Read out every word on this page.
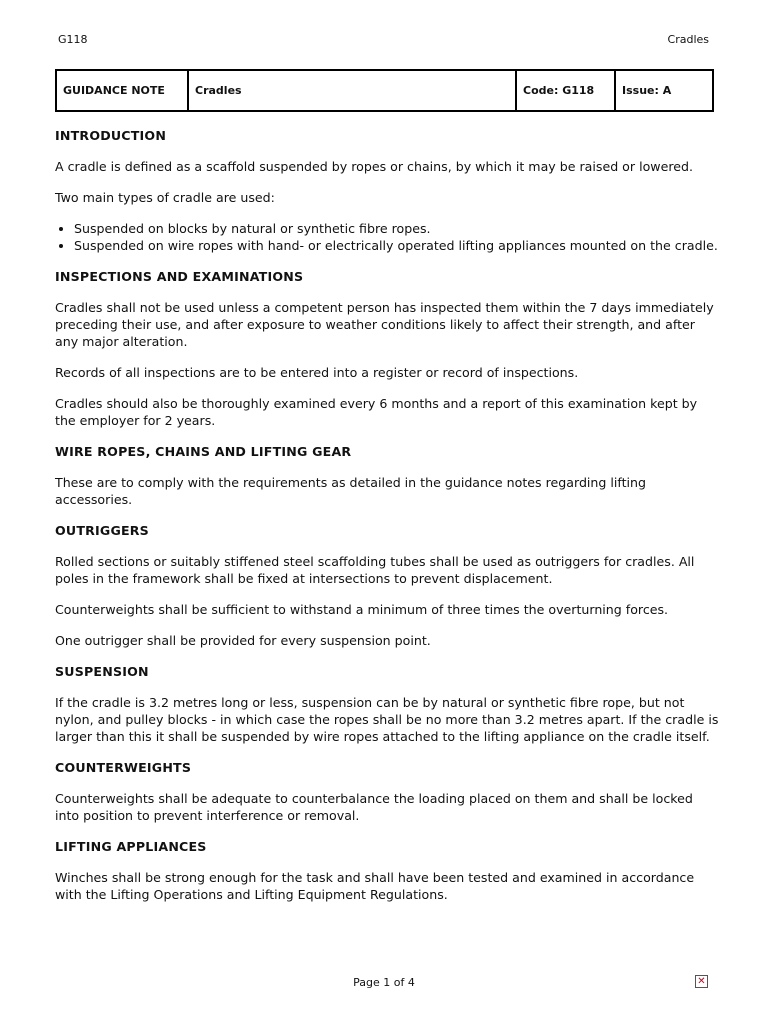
G118	Cradles
GUIDANCE NOTE	Cradles	Code: G118	Issue: A
INTRODUCTION

A cradle is defined as a scaffold suspended by ropes or chains, by which it may be raised or lowered.

Two main types of cradle are used:

• Suspended on blocks by natural or synthetic fibre ropes.
• Suspended on wire ropes with hand- or electrically operated lifting appliances mounted on the cradle.
INSPECTIONS AND EXAMINATIONS

Cradles shall not be used unless a competent person has inspected them within the 7 days immediately preceding their use, and after exposure to weather conditions likely to affect their strength, and after any major alteration.

Records of all inspections are to be entered into a register or record of inspections.

Cradles should also be thoroughly examined every 6 months and a report of this examination kept by the employer for 2 years.

WIRE ROPES, CHAINS AND LIFTING GEAR

These are to comply with the requirements as detailed in the guidance notes regarding lifting accessories.

OUTRIGGERS

Rolled sections or suitably stiffened steel scaffolding tubes shall be used as outriggers for cradles. All poles in the framework shall be fixed at intersections to prevent displacement.

Counterweights shall be sufficient to withstand a minimum of three times the overturning forces.

One outrigger shall be provided for every suspension point.

SUSPENSION

If the cradle is 3.2 metres long or less, suspension can be by natural or synthetic fibre rope, but not nylon, and pulley blocks - in which case the ropes shall be no more than 3.2 metres apart. If the cradle is larger than this it shall be suspended by wire ropes attached to the lifting appliance on the cradle itself.

COUNTERWEIGHTS

Counterweights shall be adequate to counterbalance the loading placed on them and shall be locked into position to prevent interference or removal.

LIFTING APPLIANCES

Winches shall be strong enough for the task and shall have been tested and examined in accordance with the Lifting Operations and Lifting Equipment Regulations.

Page 1 of 4	✕
